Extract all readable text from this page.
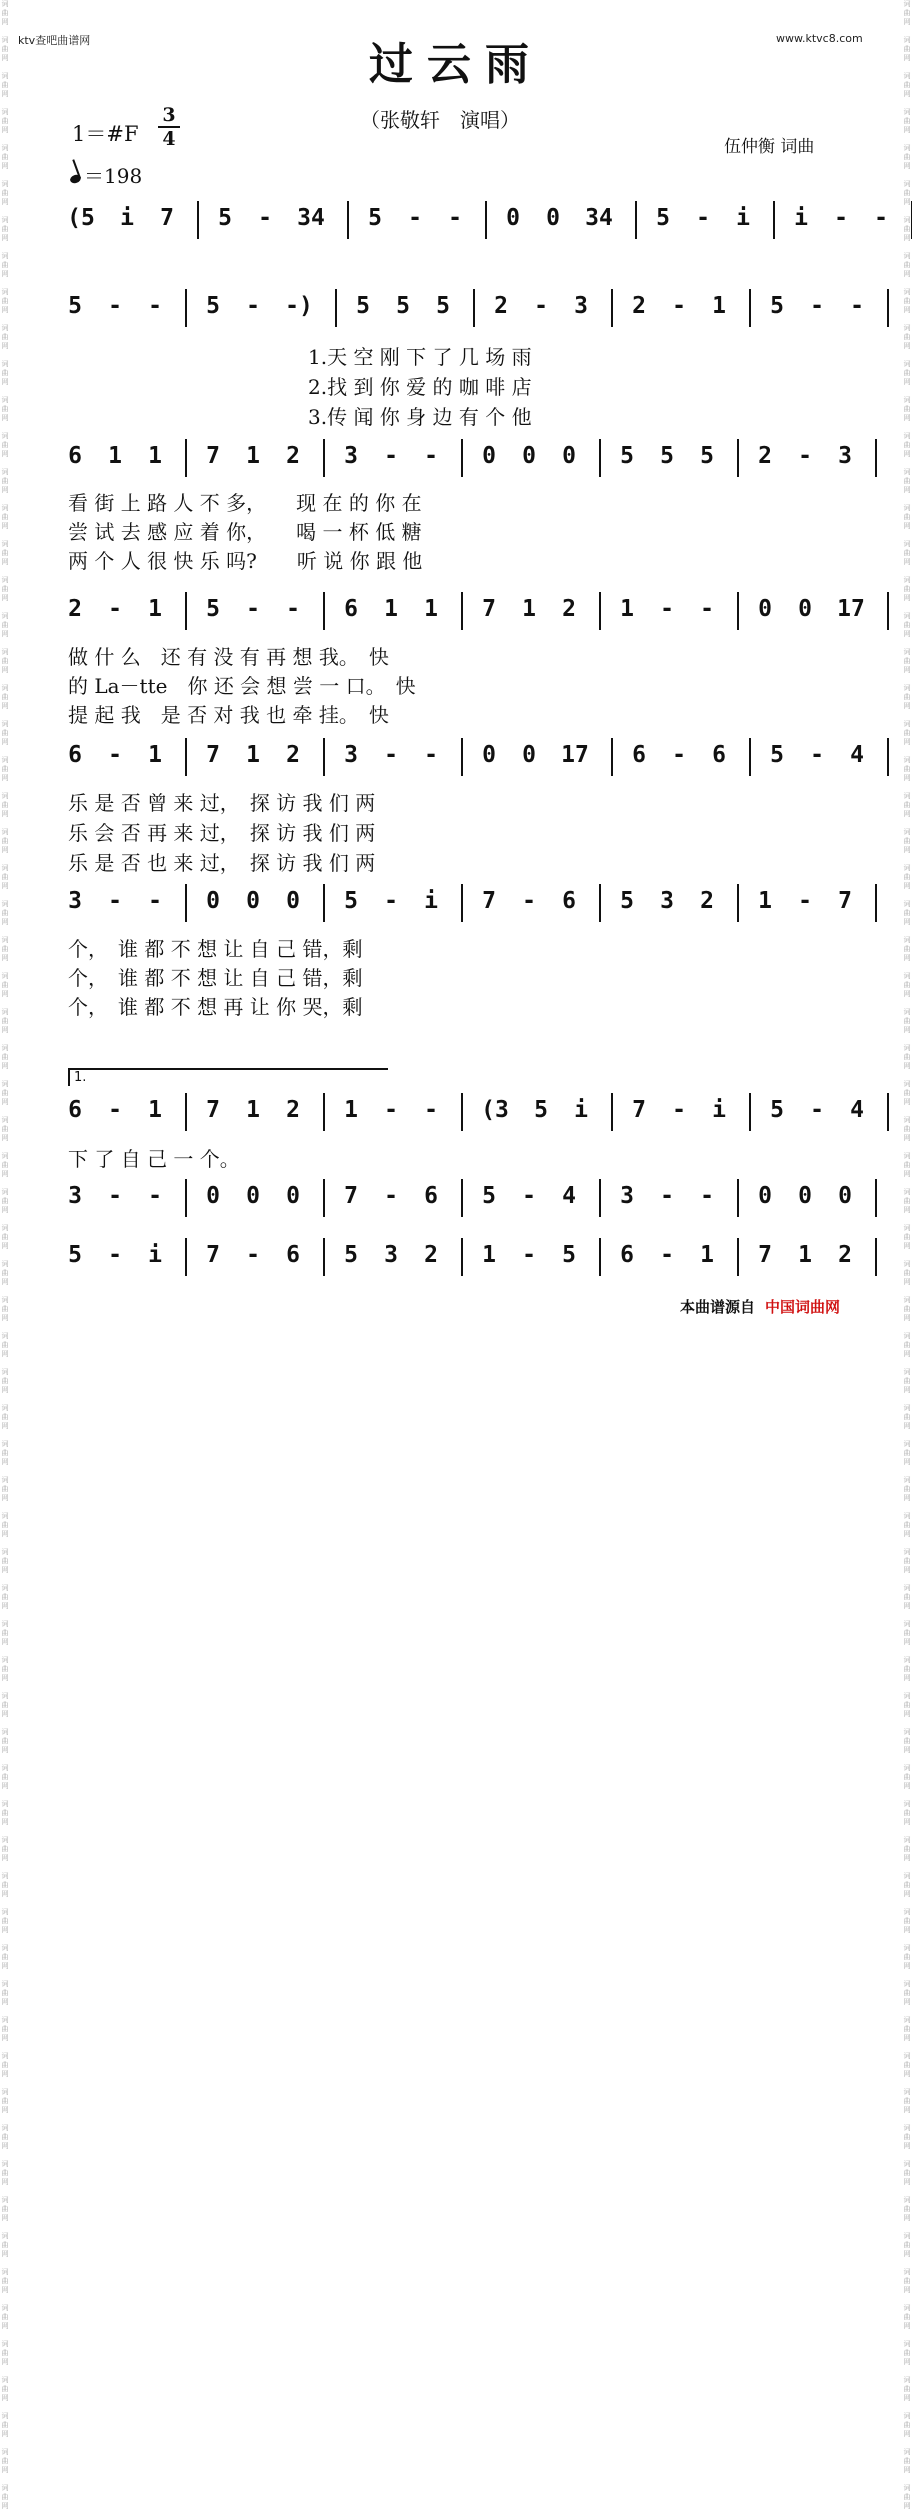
词
曲
网

词
曲
网

词
曲
网

词
曲
网

词
曲
网

词
曲
网

词
曲
网

词
曲
网

词
曲
网

词
曲
网

词
曲
网

词
曲
网

词
曲
网

词
曲
网

词
曲
网

词
曲
网

词
曲
网

词
曲
网

词
曲
网

词
曲
网

词
曲
网

词
曲
网

词
曲
网

词
曲
网

词
曲
网

词
曲
网

词
曲
网

词
曲
网

词
曲
网

词
曲
网

词
曲
网

词
曲
网

词
曲
网

词
曲
网

词
曲
网

词
曲
网

词
曲
网

词
曲
网

词
曲
网

词
曲
网

词
曲
网

词
曲
网

词
曲
网

词
曲
网

词
曲
网

词
曲
网

词
曲
网

词
曲
网

词
曲
网

词
曲
网

词
曲
网

词
曲
网

词
曲
网

词
曲
网

词
曲
网

词
曲
网

词
曲
网

词
曲
网

词
曲
网

词
曲
网

词
曲
网

词
曲
网

词
曲
网

词
曲
网

词
曲
网

词
曲
网

词
曲
网

词
曲
网

词
曲
网

词
曲
网

词
曲
网

词
曲
网

词
曲
网

词
曲
网

词
曲
网

词
曲
网

词
曲
网

词
曲
网

词
曲
网

词
曲
网

词
曲
网

词
曲
网

词
曲
网

词
曲
网

词
曲
网

词
曲
网

词
曲
网

词
曲
网

词
曲
网

词
曲
网

词
曲
网

词
曲
网

词
曲
网

词
曲
网

词
曲
网

词
曲
网

词
曲
网

词
曲
网

词
曲
网

词
曲
网

词
曲
网

词
曲
网

词
曲
网

词
曲
网

词
曲
网

词
曲
网

词
曲
网

词
曲
网

词
曲
网

词
曲
网

词
曲
网

词
曲
网

词
曲
网

词
曲
网

词
曲
网

词
曲
网

词
曲
网

词
曲
网

词
曲
网

词
曲
网

词
曲
网

词
曲
网

词
曲
网

词
曲
网

词
曲
网

词
曲
网

词
曲
网

词
曲
网

词
曲
网

词
曲
网

词
曲
网

词
曲
网

词
曲
网

词
曲
网

词
曲
网

词
曲
网

词
曲
网

词
曲
网

词
曲
网

词
曲
网

ktv查吧曲谱网	www.ktvc8.com
过云雨
（张敬轩　演唱）
1＝#F
3
4
＝198
伍仲衡 词曲
(5	i	7	5	-	34	5	-	-	0	0	34	5	-	i	i	-	-
5	-	-	5	-	-)	5	5	5	2	-	3	2	-	1	5	-	-
1.天 空 刚 下 了 几 场 雨
2.找 到 你 爱 的 咖 啡 店
3.传 闻 你 身 边 有 个 他
6	1	1	7	1	2	3	-	-	0	0	0	5	5	5	2	-	3
看 街 上 路 人 不 多，　　现 在 的 你 在
尝 试 去 感 应 着 你，　　喝 一 杯 低 糖
两 个 人 很 快 乐 吗?　　听 说 你 跟 他
2	-	1	5	-	-	6	1	1	7	1	2	1	-	-	0	0	17
做 什 么　还 有 没 有 再 想 我。　快
的 La－tte　你 还 会 想 尝 一 口。　快
提 起 我　是 否 对 我 也 牵 挂。　快
6	-	1	7	1	2	3	-	-	0	0	17	6	-	6	5	-	4
乐 是 否 曾 来 过，　探 访 我 们 两
乐 会 否 再 来 过，　探 访 我 们 两
乐 是 否 也 来 过，　探 访 我 们 两
3	-	-	0	0	0	5	-	i	7	-	6	5	3	2	1	-	7
个，　谁 都 不 想 让 自 己 错，剩
个，　谁 都 不 想 让 自 己 错，剩
个，　谁 都 不 想 再 让 你 哭，剩
6	-	1	7	1	2	1	-	-	(3	5	i	7	-	i	5	-	4
下 了 自 己 一 个。
1.
3	-	-	0	0	0	7	-	6	5	-	4	3	-	-	0	0	0
5	-	i	7	-	6	5	3	2	1	-	5	6	-	1	7	1	2
本曲谱源自 中国词曲网
